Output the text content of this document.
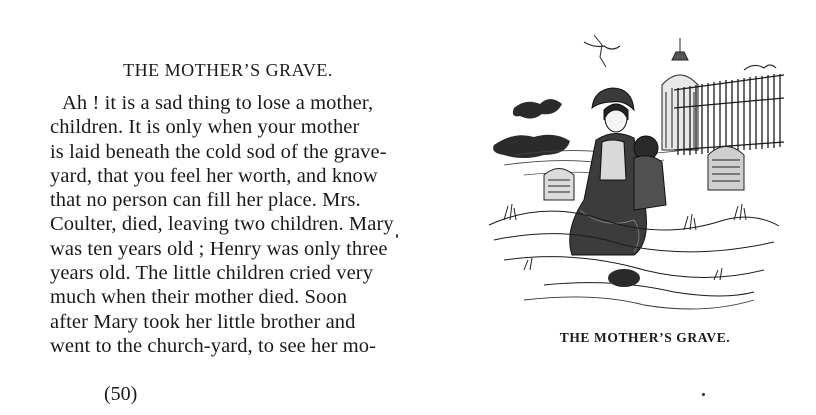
THE MOTHER’S GRAVE.

Ah ! it is a sad thing to lose a mother,

children. It is only when your mother

is laid beneath the cold sod of the grave-

yard, that you feel her worth, and know

that no person can fill her place. Mrs.

Coulter, died, leaving two children. Mary

was ten years old ; Henry was only three

years old. The little children cried very

much when their mother died. Soon

after Mary took her little brother and

went to the church-yard, to see her mo-

(50)
THE MOTHER’S GRAVE.
